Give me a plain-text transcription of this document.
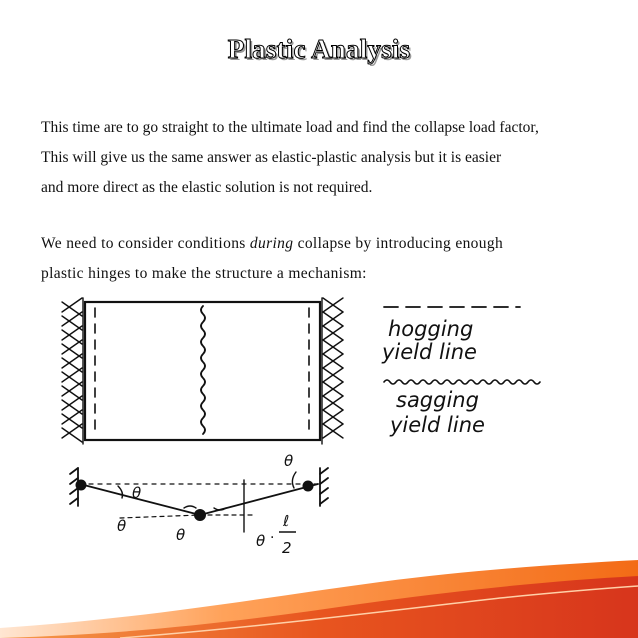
Plastic Analysis
This time are to go straight to the ultimate load and find the collapse load factor,
This will give us the same answer as elastic-plastic analysis but it is easier
and more direct as the elastic solution is not required.
We need to consider conditions during collapse by introducing enough
plastic hinges to make the structure a mechanism:
hogging
yield line
sagging
yield line
θ
θ
θ	θ	θ
ℓ
2
·
